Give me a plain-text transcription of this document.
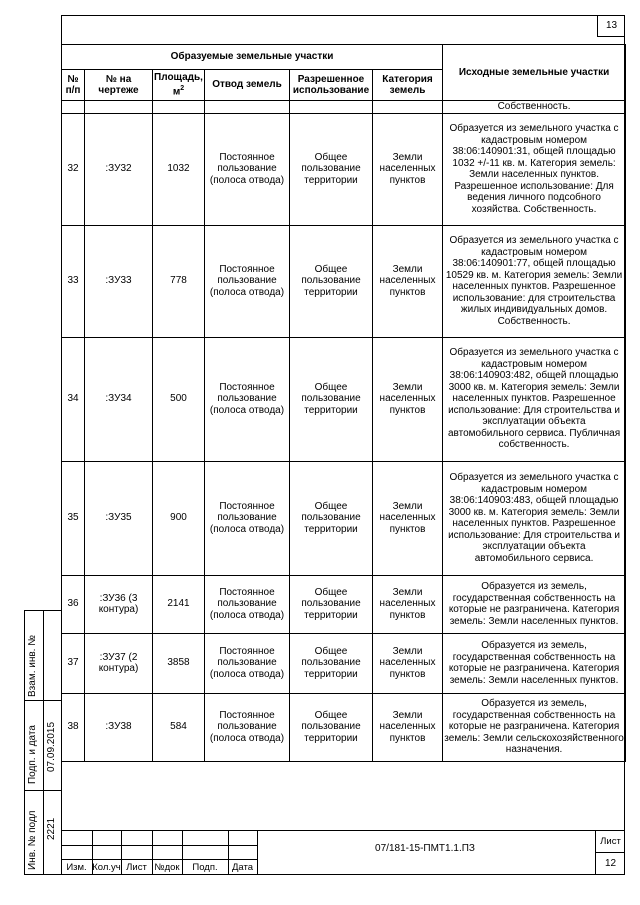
13
Образуемые земельные участки						Исходные земельные участки
№ п/п	№ на чертеже	Площадь, $м^2$	Отвод земель	Разрешенное использование	Категория земель	
						Собственность.
32	:ЗУ32	1032	Постоянное пользование (полоса отвода)	Общее пользование территории	Земли населенных пунктов	Образуется из земельного участка с кадастровым номером 38:06:140901:31, общей площадью 1032 +/-11 кв. м. Категория земель: Земли населенных пунктов. Разрешенное использование: Для ведения личного подсобного хозяйства. Собственность.
33	:ЗУ33	778	Постоянное пользование (полоса отвода)	Общее пользование территории	Земли населенных пунктов	Образуется из земельного участка с кадастровым номером 38:06:140901:77, общей площадью 10529 кв. м. Категория земель: Земли населенных пунктов. Разрешенное использование: для строительства жилых индивидуальных домов. Собственность.
34	:ЗУ34	500	Постоянное пользование (полоса отвода)	Общее пользование территории	Земли населенных пунктов	Образуется из земельного участка с кадастровым номером 38:06:140903:482, общей площадью 3000 кв. м. Категория земель: Земли населенных пунктов. Разрешенное использование: Для строительства и эксплуатации объекта автомобильного сервиса. Публичная собственность.
35	:ЗУ35	900	Постоянное пользование (полоса отвода)	Общее пользование территории	Земли населенных пунктов	Образуется из земельного участка с кадастровым номером 38:06:140903:483, общей площадью 3000 кв. м. Категория земель: Земли населенных пунктов. Разрешенное использование: Для строительства и эксплуатации объекта автомобильного сервиса.
36	:ЗУ36 (3 контура)	2141	Постоянное пользование (полоса отвода)	Общее пользование территории	Земли населенных пунктов	Образуется из земель, государственная собственность на которые не разграничена. Категория земель: Земли населенных пунктов.
37	:ЗУ37 (2 контура)	3858	Постоянное пользование (полоса отвода)	Общее пользование территории	Земли населенных пунктов	Образуется из земель, государственная собственность на которые не разграничена. Категория земель: Земли населенных пунктов.
38	:ЗУ38	584	Постоянное пользование (полоса отвода)	Общее пользование территории	Земли населенных пунктов	Образуется из земель, государственная собственность на которые не разграничена. Категория земель: Земли сельскохозяйственного назначения.
Взам. инв. №
Подп. и дата 07.09.2015
Инв. № подл 2221
Изм. Кол.уч Лист №док	Подп.	Дата
07/181-15-ПМТ1.1.ПЗ
Лист
12
